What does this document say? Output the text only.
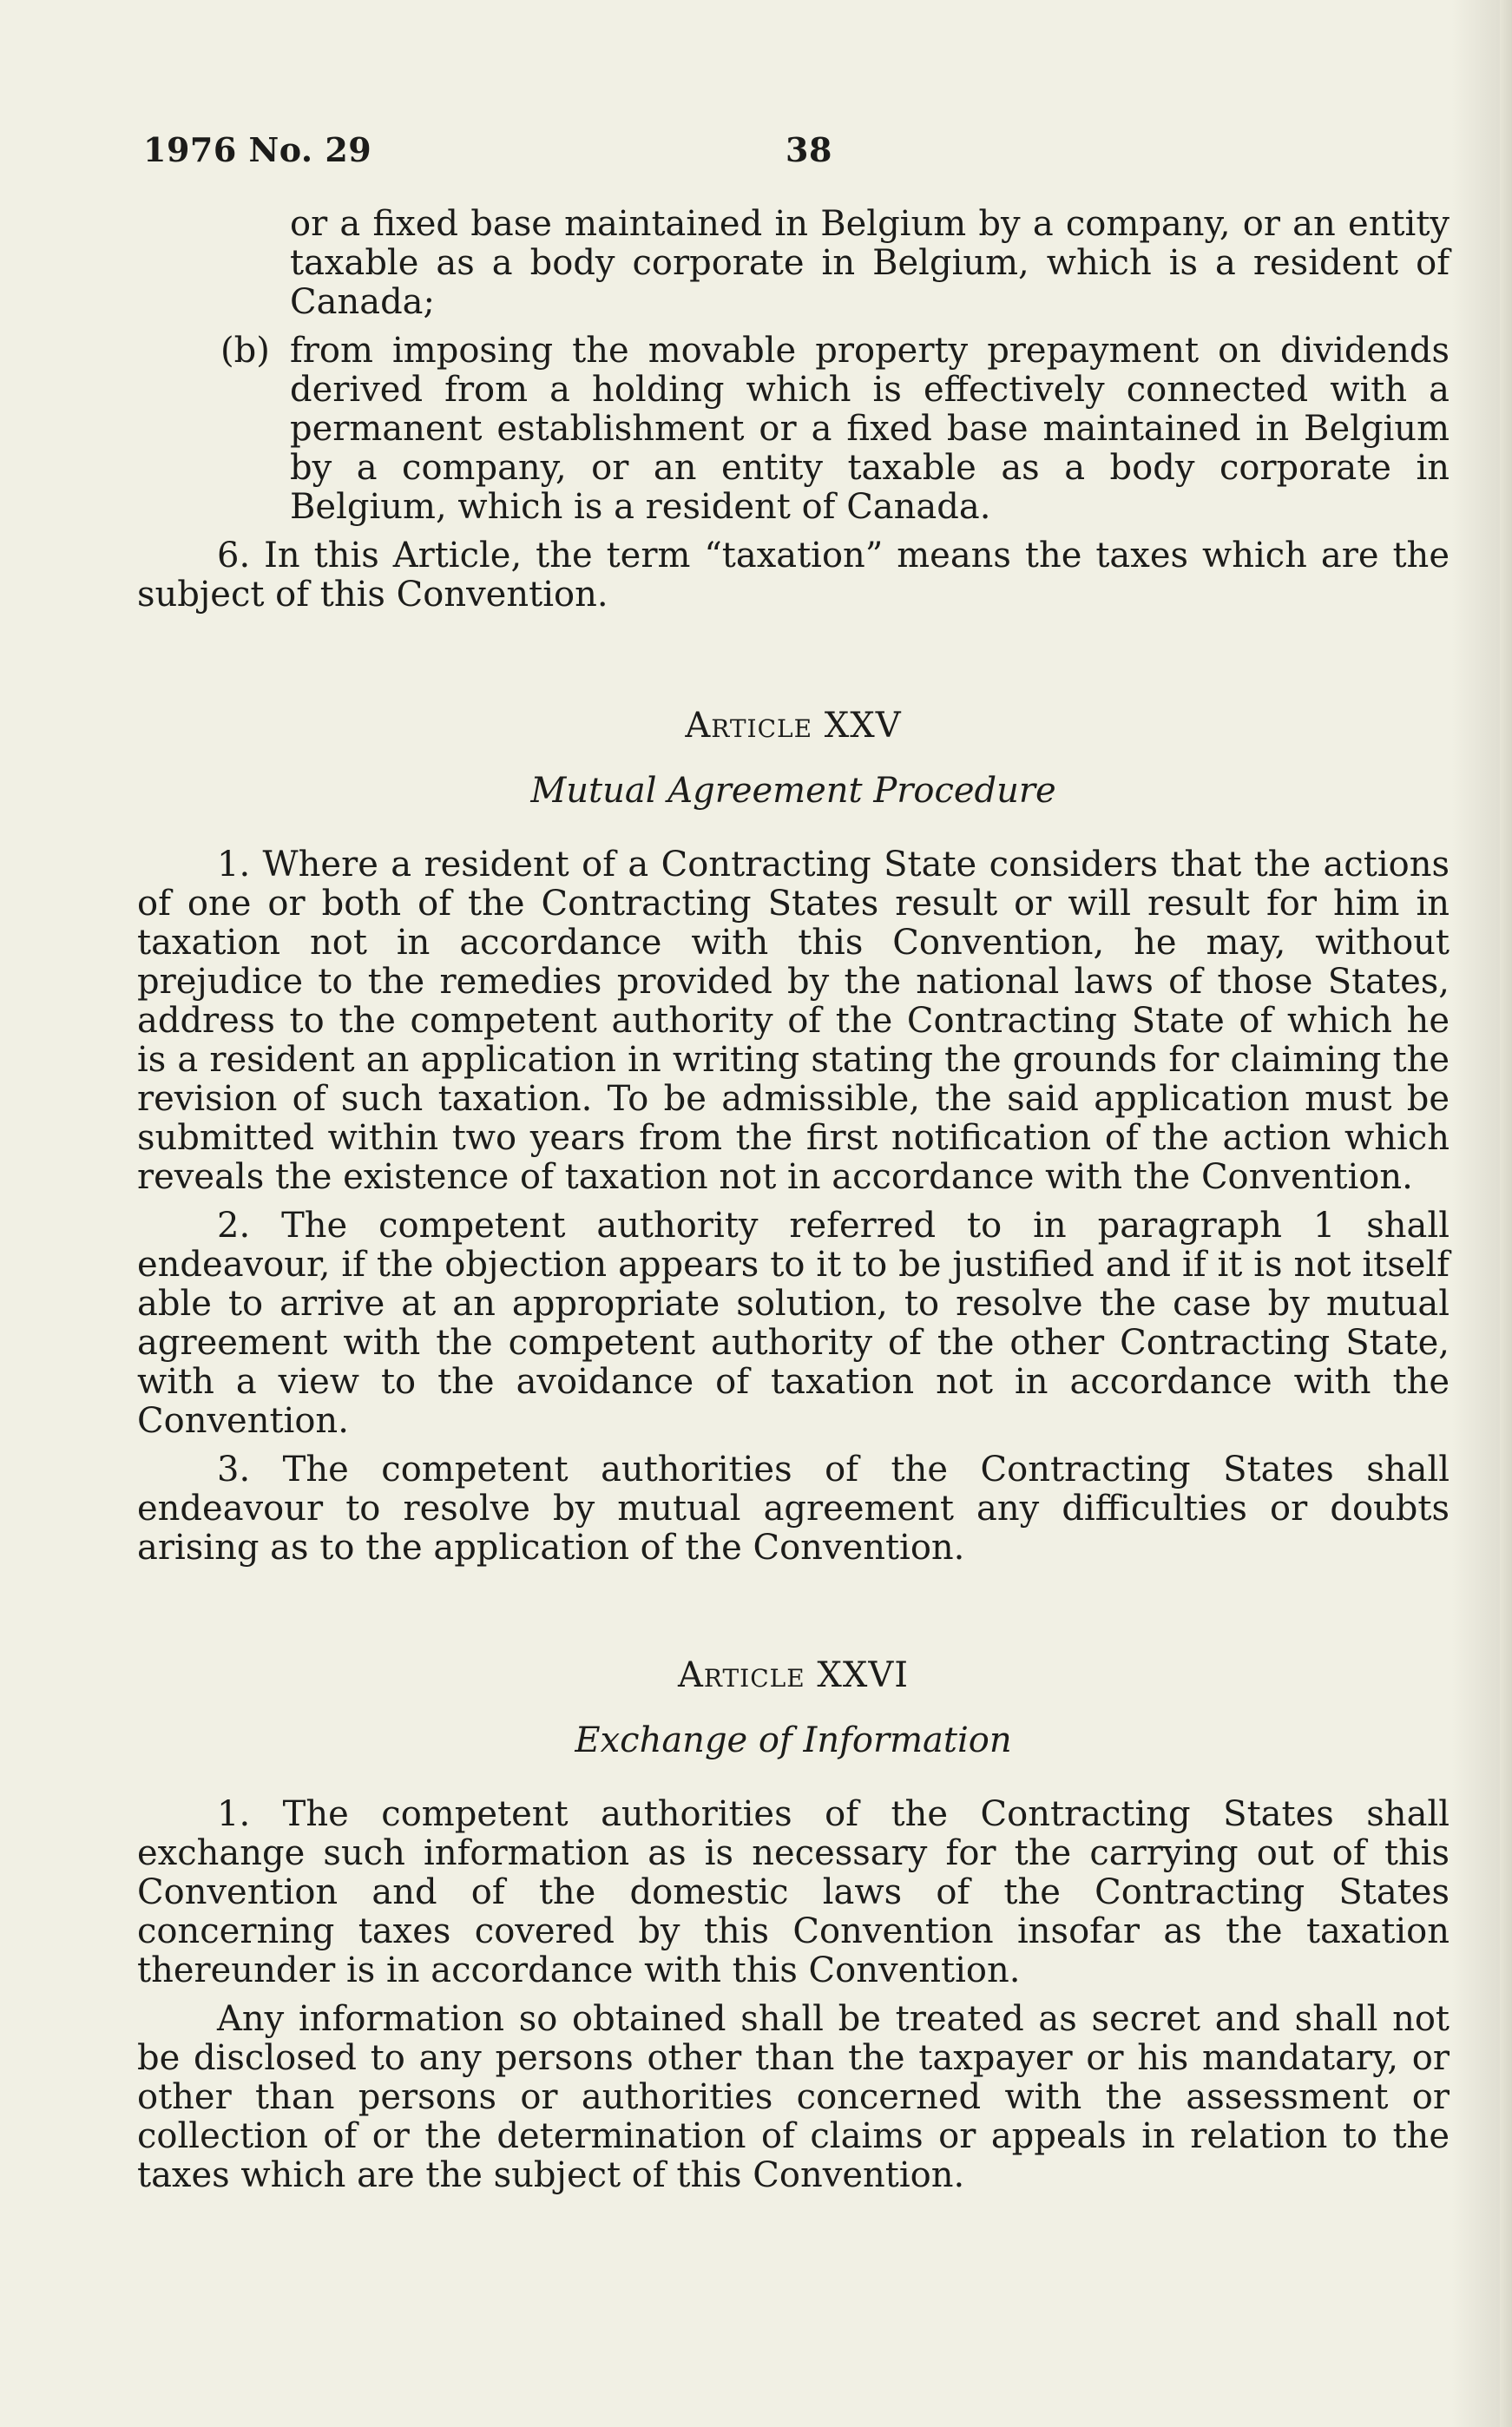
1976 No. 29	38

or a fixed base maintained in Belgium by a company, or an entity taxable as a body corporate in Belgium, which is a resident of Canada;

(b) from imposing the movable property prepayment on dividends derived from a holding which is effectively connected with a permanent establishment or a fixed base maintained in Belgium by a company, or an entity taxable as a body corporate in Belgium, which is a resident of Canada.

6. In this Article, the term “taxation” means the taxes which are the subject of this Convention.

Article XXV
Mutual Agreement Procedure

1. Where a resident of a Contracting State considers that the actions of one or both of the Contracting States result or will result for him in taxation not in accordance with this Convention, he may, without prejudice to the remedies provided by the national laws of those States, address to the competent authority of the Contracting State of which he is a resident an application in writing stating the grounds for claiming the revision of such taxation. To be admissible, the said application must be submitted within two years from the first notification of the action which reveals the existence of taxation not in accordance with the Convention.

2. The competent authority referred to in paragraph 1 shall endeavour, if the objection appears to it to be justified and if it is not itself able to arrive at an appropriate solution, to resolve the case by mutual agreement with the competent authority of the other Contracting State, with a view to the avoidance of taxation not in accordance with the Convention.

3. The competent authorities of the Contracting States shall endeavour to resolve by mutual agreement any difficulties or doubts arising as to the application of the Convention.

Article XXVI
Exchange of Information

1. The competent authorities of the Contracting States shall exchange such information as is necessary for the carrying out of this Convention and of the domestic laws of the Contracting States concerning taxes covered by this Convention insofar as the taxation thereunder is in accordance with this Convention.

Any information so obtained shall be treated as secret and shall not be disclosed to any persons other than the taxpayer or his mandatary, or other than persons or authorities concerned with the assessment or collection of or the determination of claims or appeals in relation to the taxes which are the subject of this Convention.
